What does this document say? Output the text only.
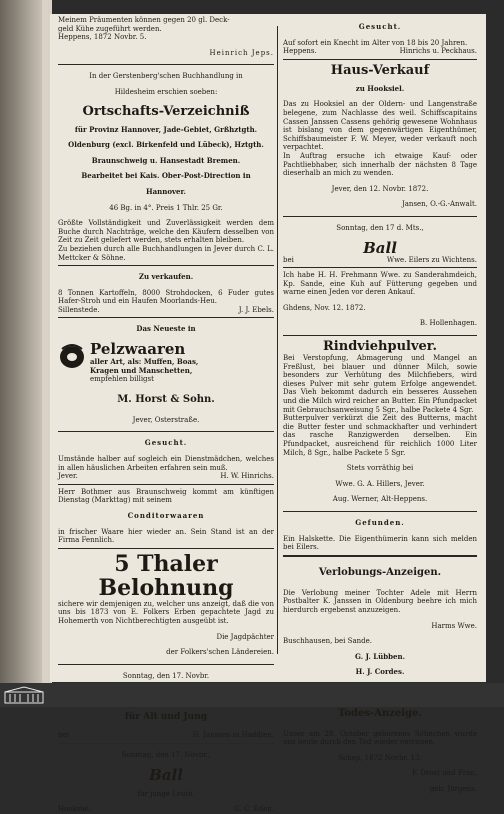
Meinem Präumenten können gegen 20 gl. Deck-

geld Kühe zugeführt werden.

Heppens, 1872 Novbr. 5.

Heinrich Jeps.

In der Gerstenberg'schen Buchhandlung in

Hildesheim erschien soeben:

Ortschafts-Verzeichniß

für Provinz Hannover, Jade-Gebiet, Grßhztgth.

Oldenburg (excl. Birkenfeld und Lübeck), Hztgth.

Braunschweig u. Hansestadt Bremen.

Bearbeitet bei Kais. Ober-Post-Direction in

Hannover.

46 Bg. in 4°. Preis 1 Thlr. 25 Gr.

Größte Vollständigkeit und Zuverlässigkeit werden dem Buche durch Nachträge, welche den Käufern desselben von Zeit zu Zeit geliefert werden, stets erhalten bleiben.

Zu beziehen durch alle Buchhandlungen in Jever durch C. L. Mettcker & Söhne.

Zu verkaufen.

8 Tonnen Kartoffeln, 8000 Strohdocken, 6 Fuder gutes Hafer-Stroh und ein Haufen Moorlands-Heu.

Sillenstede.	J. J. Ebels.

Das Neueste in

Pelzwaaren
aller Art, als: Muffen, Boas,
Kragen und Manschetten,
empfehlen billigst

M. Horst & Sohn.

Jever, Osterstraße.

Gesucht.

Umstände halber auf sogleich ein Dienstmädchen, welches in allen häuslichen Arbeiten erfahren sein muß.

Jever.	H. W. Hinrichs.

Herr Bothmer aus Braunschweig kommt am künftigen Dienstag (Markttag) mit seinem

Conditorwaaren

in frischer Waare hier wieder an. Sein Stand ist an der Firma Fennlich.

5 Thaler Belohnung

sichere wir demjenigen zu, welcher uns anzeigt, daß die von uns bis 1873 von E. Folkers Erben gepachtete Jagd zu Hohemerth von Nichtberechtigten ausgeübt ist.

Die Jagdpächter

der Folkers'schen Ländereien.

Sonntag, den 17. Novbr.

für Alt und Jung

bei	H. Janssen in Haddien.

Sonntag, den 17. Novbr.,

Ball

für junge Leute.

Hooksiel.	G. C. Eden.

Gesucht.

Auf sofort ein Knecht im Alter von 18 bis 20 Jahren.

Heppens.	Hinrichs u. Peckhaus.
Haus-Verkauf

zu Hooksiel.

Das zu Hooksiel an der Oldern- und Langenstraße belegene, zum Nachlasse des weil. Schiffscapitains Cassen Janssen Cassens gehörig gewesene Wohnhaus ist bislang von dem gegenwärtigen Eigenthümer, Schiffsbaumeister F. W. Meyer, weder verkauft noch verpachtet.

In Auftrag ersuche ich etwaige Kauf- oder Pachtliebhaber, sich innerhalb der nächsten 8 Tage dieserhalb an mich zu wenden.

Jever, den 12. Novbr. 1872.

Jansen, O.-G.-Anwalt.

Sonntag, den 17 d. Mts.,

Ball
bei	Wwe. Eilers zu Wichtens.

Ich habe H. H. Frehmann Wwe. zu Sanderahmdeich, Kp. Sande, eine Kuh auf Fütterung gegeben und warne einen Jeden vor deren Ankauf.

Ghdens, Nov. 12. 1872.

B. Hollenhagen.

Rindviehpulver.

Bei Verstopfung, Abmagerung und Mangel an Freßlust, bei blauer und dünner Milch, sowie besonders zur Verhütung des Milchfiebers, wird dieses Pulver mit sehr gutem Erfolge angewendet. Das Vieh bekommt dadurch ein besseres Aussehen und die Milch wird reicher an Butter. Ein Pfundpacket mit Gebrauchsanweisung 5 Sgr., halbe Packete 4 Sgr.

Butterpulver verkürzt die Zeit des Butterns, macht die Butter fester und schmackhafter und verhindert das rasche Ranzigwerden derselben. Ein Pfundpacket, ausreichend für reichlich 1000 Liter Milch, 8 Sgr., halbe Packete 5 Sgr.

Stets vorräthig bei

Wwe. G. A. Hillers, Jever.

Aug. Werner, Alt-Heppens.

Gefunden.

Ein Halskette. Die Eigenthümerin kann sich melden bei Eilers.

Verlobungs-Anzeigen.

Die Verlobung meiner Tochter Adele mit Herrn Postbalter K. Janssen in Oldenburg beehre ich mich hierdurch ergebenst anzuzeigen.

Harms Wwe.

Buschhausen, bei Sande.

G. J. Lübben.

H. J. Cordes.

Todes-Anzeige.

Unser am 28. October geborenes Söhnchen wurde uns heute durch den Tod wieder entrissen.

Schep, 1872 Novbr. 13.

F. Drost und Frau,

geb. Jürgens.
